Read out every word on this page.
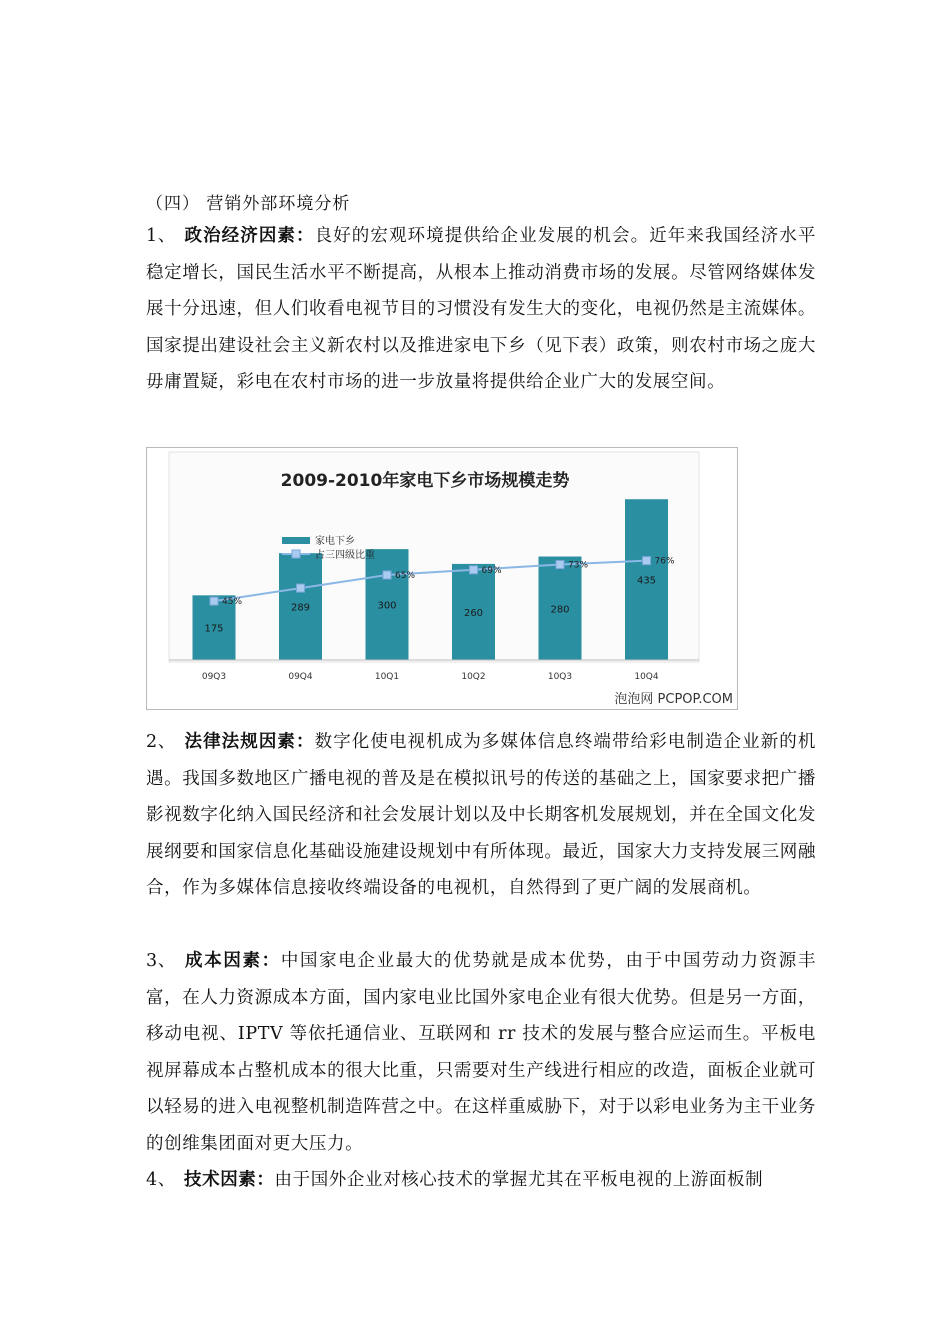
（四） 营销外部环境分析

1、 政治经济因素：良好的宏观环境提供给企业发展的机会。近年来我国经济水平稳定增长，国民生活水平不断提高，从根本上推动消费市场的发展。尽管网络媒体发展十分迅速，但人们收看电视节目的习惯没有发生大的变化，电视仍然是主流媒体。国家提出建设社会主义新农村以及推进家电下乡（见下表）政策，则农村市场之庞大毋庸置疑，彩电在农村市场的进一步放量将提供给企业广大的发展空间。

2009-2010年家电下乡市场规模走势
175
289	300
260	280
435
45%
65%
69%
73%	76%
09Q3	09Q4	10Q1	10Q2	10Q3	10Q4
家电下乡
占三四级比重
泡泡网 PCPOP.COM

2、 法律法规因素：数字化使电视机成为多媒体信息终端带给彩电制造企业新的机遇。我国多数地区广播电视的普及是在模拟讯号的传送的基础之上，国家要求把广播影视数字化纳入国民经济和社会发展计划以及中长期客机发展规划，并在全国文化发展纲要和国家信息化基础设施建设规划中有所体现。最近，国家大力支持发展三网融合，作为多媒体信息接收终端设备的电视机，自然得到了更广阔的发展商机。

3、 成本因素：中国家电企业最大的优势就是成本优势，由于中国劳动力资源丰富，在人力资源成本方面，国内家电业比国外家电企业有很大优势。但是另一方面，移动电视、IPTV 等依托通信业、互联网和 rr 技术的发展与整合应运而生。平板电视屏幕成本占整机成本的很大比重，只需要对生产线进行相应的改造，面板企业就可以轻易的进入电视整机制造阵营之中。在这样重威胁下，对于以彩电业务为主干业务的创维集团面对更大压力。

4、 技术因素：由于国外企业对核心技术的掌握尤其在平板电视的上游面板制
